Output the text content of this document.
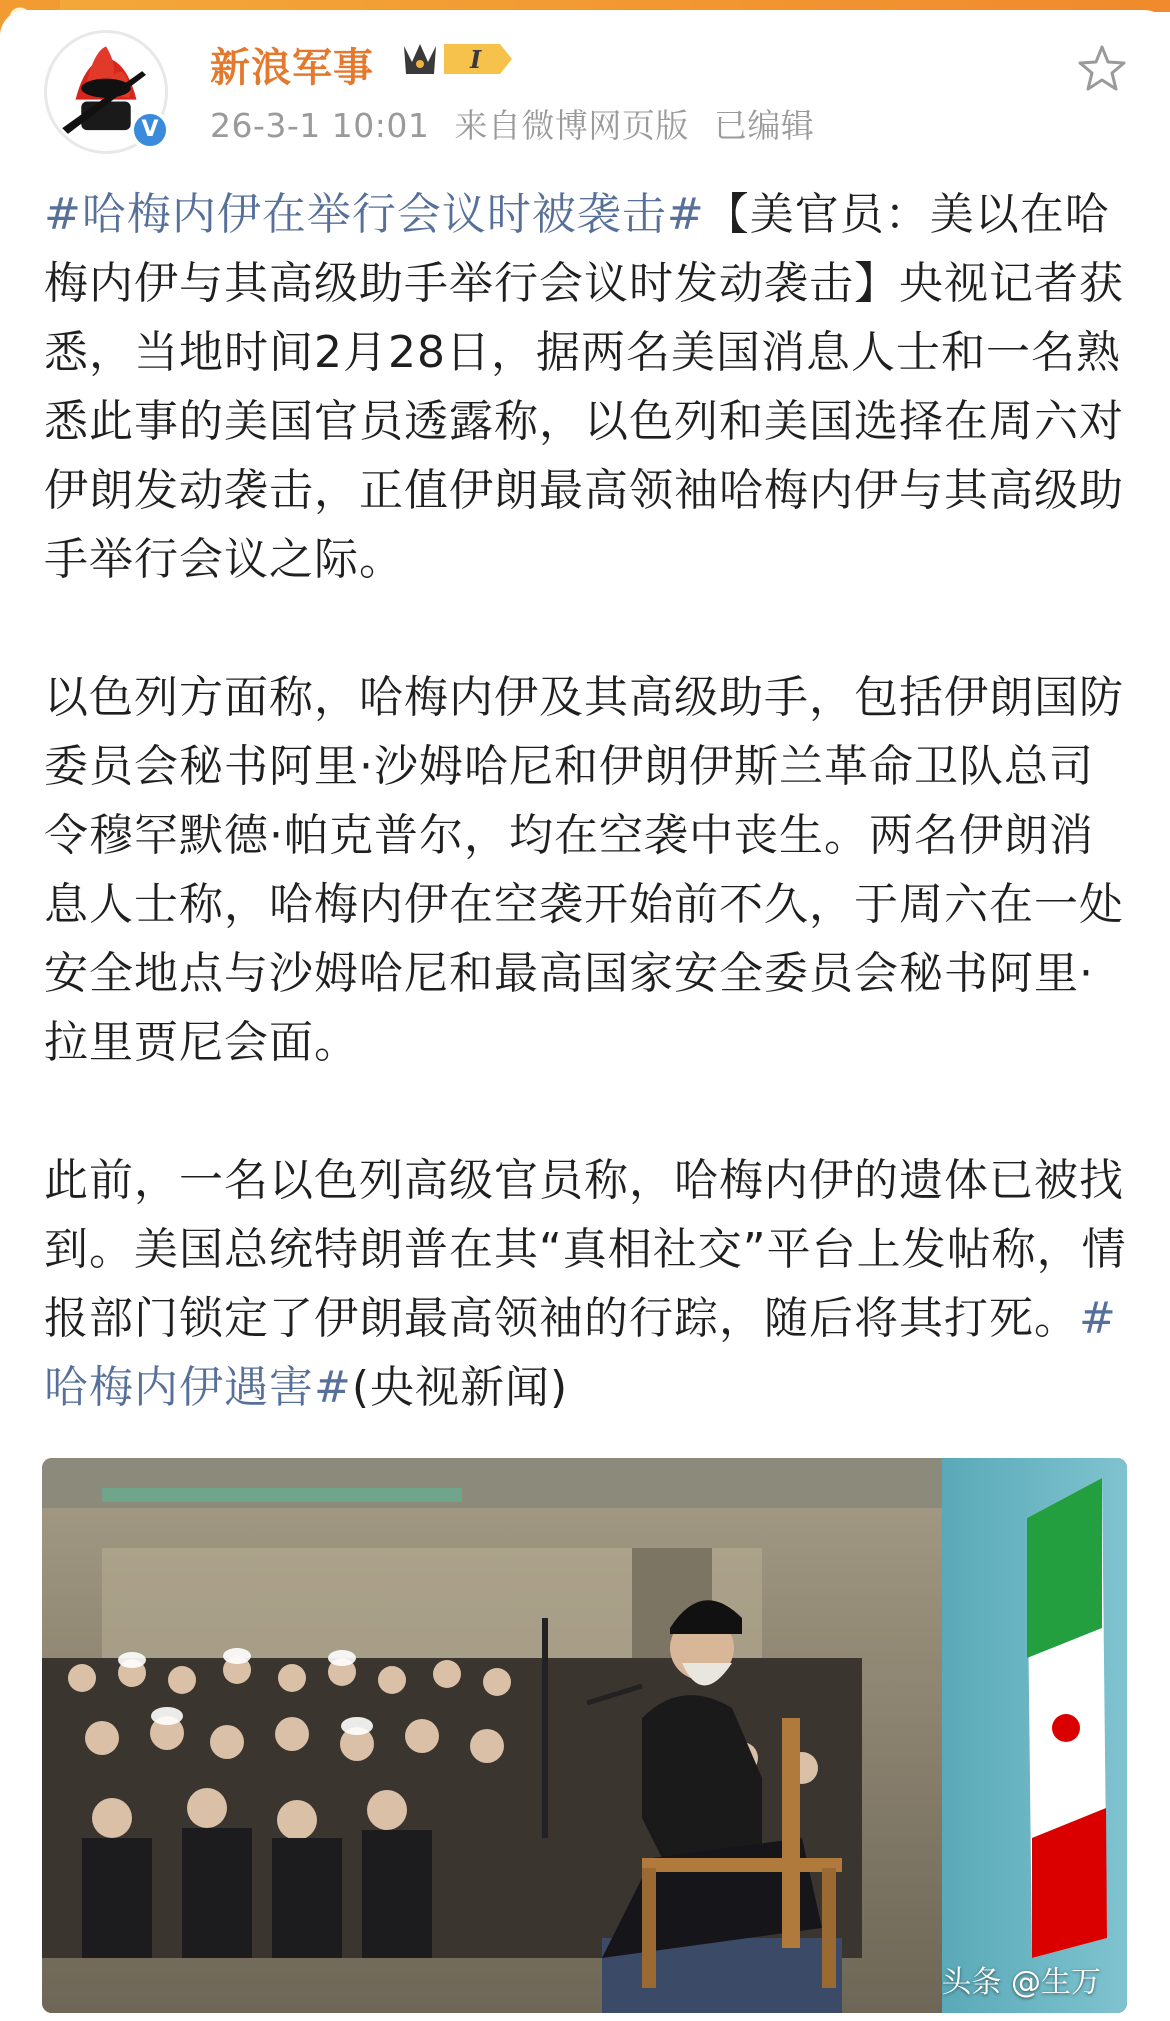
V
新浪军事	I
26-3-1 10:01 来自微博网页版 已编辑
#哈梅内伊在举行会议时被袭击#【美官员：美以在哈梅内伊与其高级助手举行会议时发动袭击】央视记者获悉，当地时间2月28日，据两名美国消息人士和一名熟悉此事的美国官员透露称，以色列和美国选择在周六对伊朗发动袭击，正值伊朗最高领袖哈梅内伊与其高级助手举行会议之际。
以色列方面称，哈梅内伊及其高级助手，包括伊朗国防委员会秘书阿里·沙姆哈尼和伊朗伊斯兰革命卫队总司令穆罕默德·帕克普尔，均在空袭中丧生。两名伊朗消息人士称，哈梅内伊在空袭开始前不久，于周六在一处安全地点与沙姆哈尼和最高国家安全委员会秘书阿里·拉里贾尼会面。
此前，一名以色列高级官员称，哈梅内伊的遗体已被找到。美国总统特朗普在其“真相社交”平台上发帖称，情报部门锁定了伊朗最高领袖的行踪，随后将其打死。#哈梅内伊遇害#(央视新闻)
头条 @生万
